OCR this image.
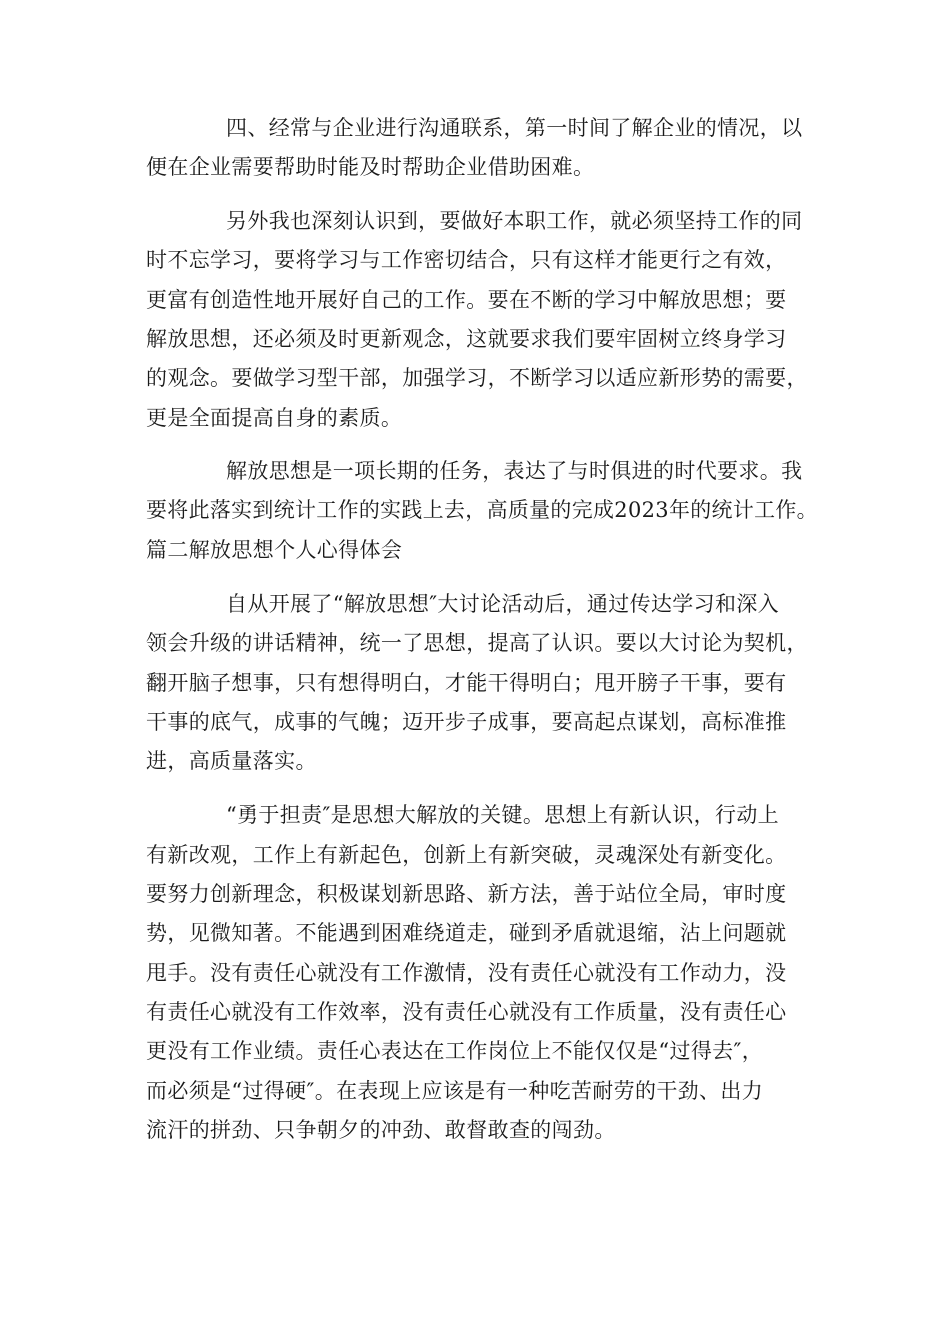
四、经常与企业进行沟通联系，第一时间了解企业的情况，以
便在企业需要帮助时能及时帮助企业借助困难。
另外我也深刻认识到，要做好本职工作，就必须坚持工作的同
时不忘学习，要将学习与工作密切结合，只有这样才能更行之有效，
更富有创造性地开展好自己的工作。要在不断的学习中解放思想；要
解放思想，还必须及时更新观念，这就要求我们要牢固树立终身学习
的观念。要做学习型干部，加强学习，不断学习以适应新形势的需要，
更是全面提高自身的素质。
解放思想是一项长期的任务，表达了与时俱进的时代要求。我
要将此落实到统计工作的实践上去，高质量的完成2023年的统计工作。
篇二解放思想个人心得体会
自从开展了“解放思想″大讨论活动后，通过传达学习和深入
领会升级的讲话精神，统一了思想，提高了认识。要以大讨论为契机，
翻开脑子想事，只有想得明白，才能干得明白；甩开膀子干事，要有
干事的底气，成事的气魄；迈开步子成事，要高起点谋划，高标准推
进，高质量落实。
“勇于担责″是思想大解放的关键。思想上有新认识，行动上
有新改观，工作上有新起色，创新上有新突破，灵魂深处有新变化。
要努力创新理念，积极谋划新思路、新方法，善于站位全局，审时度
势，见微知著。不能遇到困难绕道走，碰到矛盾就退缩，沾上问题就
甩手。没有责任心就没有工作激情，没有责任心就没有工作动力，没
有责任心就没有工作效率，没有责任心就没有工作质量，没有责任心
更没有工作业绩。责任心表达在工作岗位上不能仅仅是“过得去″，
而必须是“过得硬″。在表现上应该是有一种吃苦耐劳的干劲、出力
流汗的拼劲、只争朝夕的冲劲、敢督敢查的闯劲。
